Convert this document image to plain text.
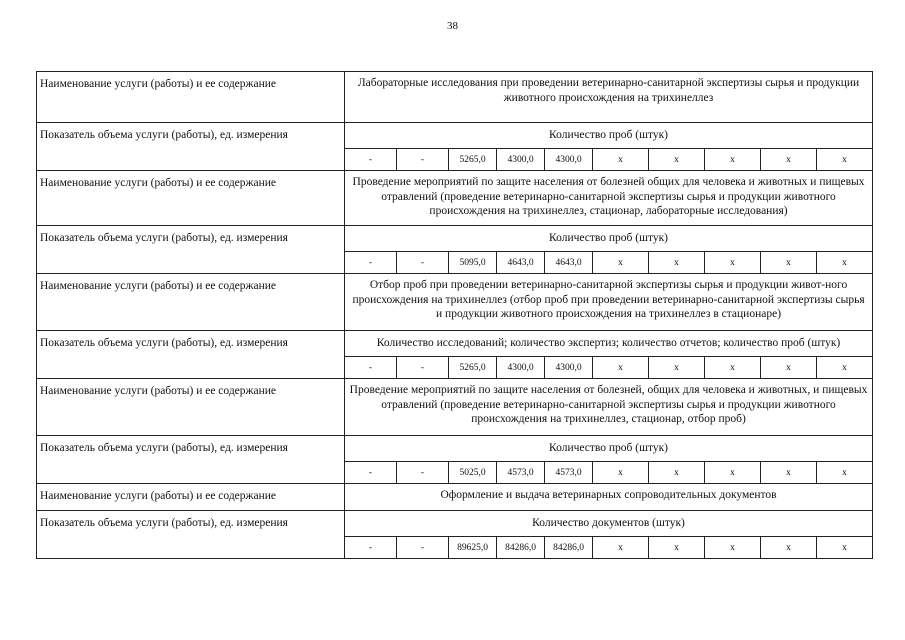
38
Наименование услуги (работы) и ее содержание	Лабораторные исследования при проведении ветеринарно-санитарной экспертизы сырья и продукции животного происхождения на трихинеллез									
Показатель объема услуги (работы), ед. измерения	Количество проб (штук)									
	-	-	5265,0	4300,0	4300,0	x	x	x	x	x
Наименование услуги (работы) и ее содержание	Проведение мероприятий по защите населения от болезней общих для человека и животных и пищевых отравлений (проведение ветеринарно-санитарной экспертизы сырья и продукции животного происхождения на трихинеллез, стационар, лабораторные исследования)									
Показатель объема услуги (работы), ед. измерения	Количество проб (штук)									
	-	-	5095,0	4643,0	4643,0	x	x	x	x	x
Наименование услуги (работы) и ее содержание	Отбор проб при проведении ветеринарно-санитарной экспертизы сырья и продукции живот-ного происхождения на трихинеллез (отбор проб при проведении ветеринарно-санитарной экспертизы сырья и продукции животного происхождения на трихинеллез в стационаре)									
Показатель объема услуги (работы), ед. измерения	Количество исследований; количество экспертиз; количество отчетов; количество проб (штук)									
	-	-	5265,0	4300,0	4300,0	x	x	x	x	x
Наименование услуги (работы) и ее содержание	Проведение мероприятий по защите населения от болезней, общих для человека и животных, и пищевых отравлений (проведение ветеринарно-санитарной экспертизы сырья и продукции животного происхождения на трихинеллез, стационар, отбор проб)									
Показатель объема услуги (работы), ед. измерения	Количество проб (штук)									
	-	-	5025,0	4573,0	4573,0	x	x	x	x	x
Наименование услуги (работы) и ее содержание	Оформление и выдача ветеринарных сопроводительных документов									
Показатель объема услуги (работы), ед. измерения	Количество документов (штук)									
	-	-	89625,0	84286,0	84286,0	x	x	x	x	x
